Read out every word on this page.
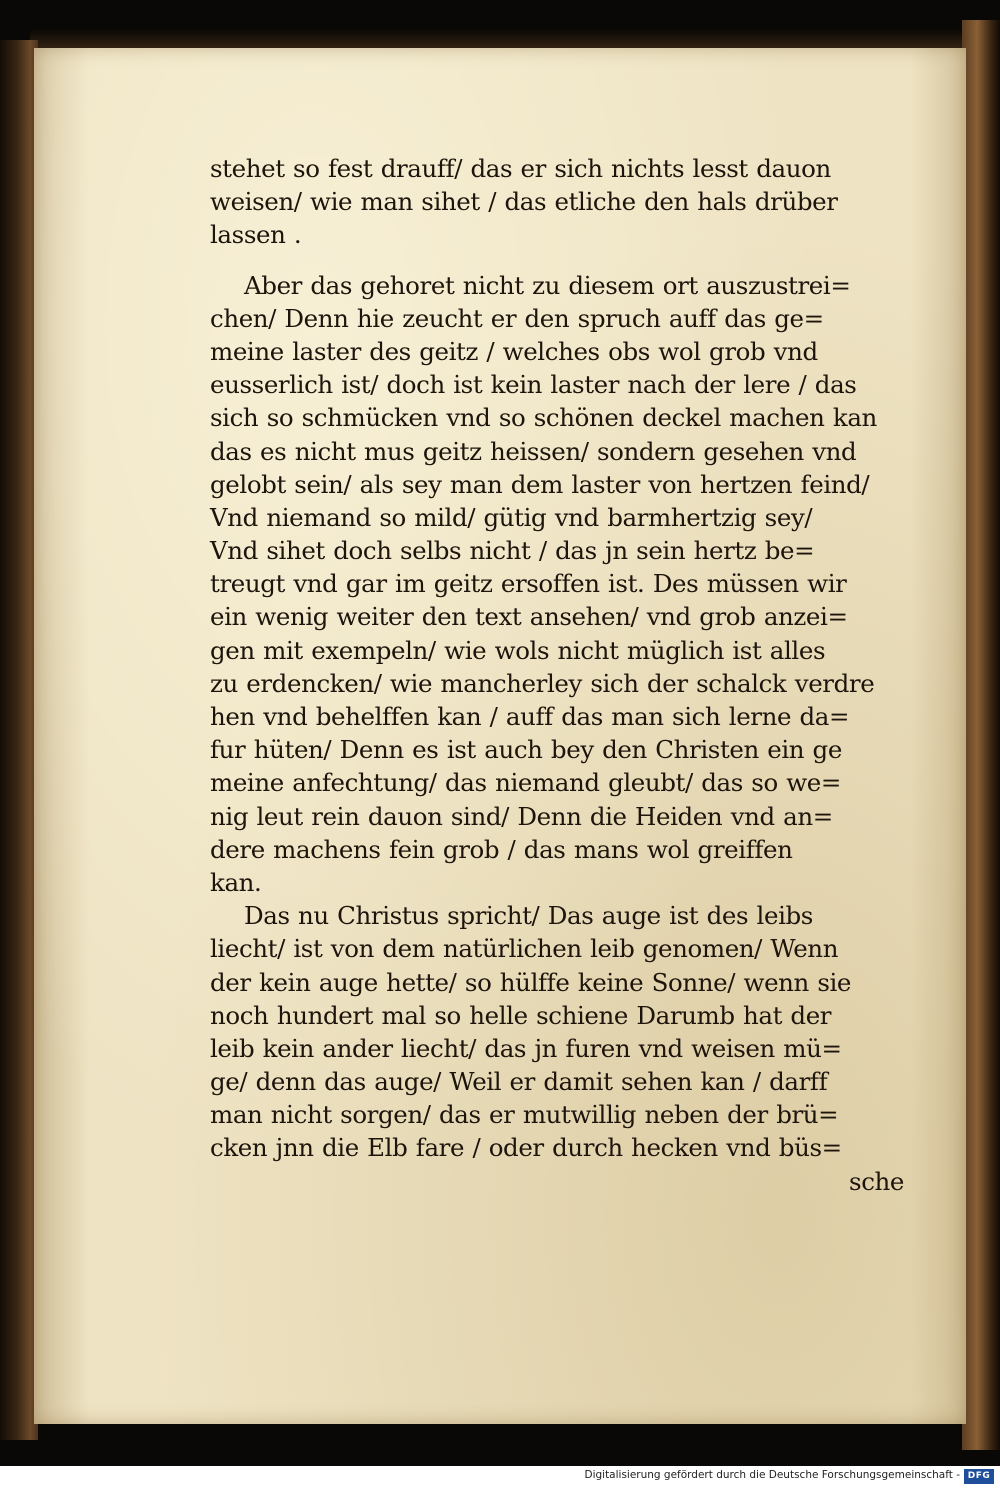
stehet so fest drauff/ das er sich nichts lesst dauon
weisen/ wie man sihet / das etliche den hals drüber
lassen .
Aber das gehoret nicht zu diesem ort auszustrei=
chen/ Denn hie zeucht er den spruch auff das ge=
meine laster des geitz / welches obs wol grob vnd
eusserlich ist/ doch ist kein laster nach der lere / das
sich so schmücken vnd so schönen deckel machen kan
das es nicht mus geitz heissen/ sondern gesehen vnd
gelobt sein/ als sey man dem laster von hertzen feind/
Vnd niemand so mild/ gütig vnd barmhertzig sey/
Vnd sihet doch selbs nicht / das jn sein hertz be=
treugt vnd gar im geitz ersoffen ist. Des müssen wir
ein wenig weiter den text ansehen/ vnd grob anzei=
gen mit exempeln/ wie wols nicht müglich ist alles
zu erdencken/ wie mancherley sich der schalck verdre
hen vnd behelffen kan / auff das man sich lerne da=
fur hüten/ Denn es ist auch bey den Christen ein ge
meine anfechtung/ das niemand gleubt/ das so we=
nig leut rein dauon sind/ Denn die Heiden vnd an=
dere machens fein grob / das mans wol greiffen
kan.
Das nu Christus spricht/ Das auge ist des leibs
liecht/ ist von dem natürlichen leib genomen/ Wenn
der kein auge hette/ so hülffe keine Sonne/ wenn sie
noch hundert mal so helle schiene Darumb hat der
leib kein ander liecht/ das jn furen vnd weisen mü=
ge/ denn das auge/ Weil er damit sehen kan / darff
man nicht sorgen/ das er mutwillig neben der brü=
cken jnn die Elb fare / oder durch hecken vnd büs=
sche
Digitalisierung gefördert durch die Deutsche Forschungsgemeinschaft - DFG
